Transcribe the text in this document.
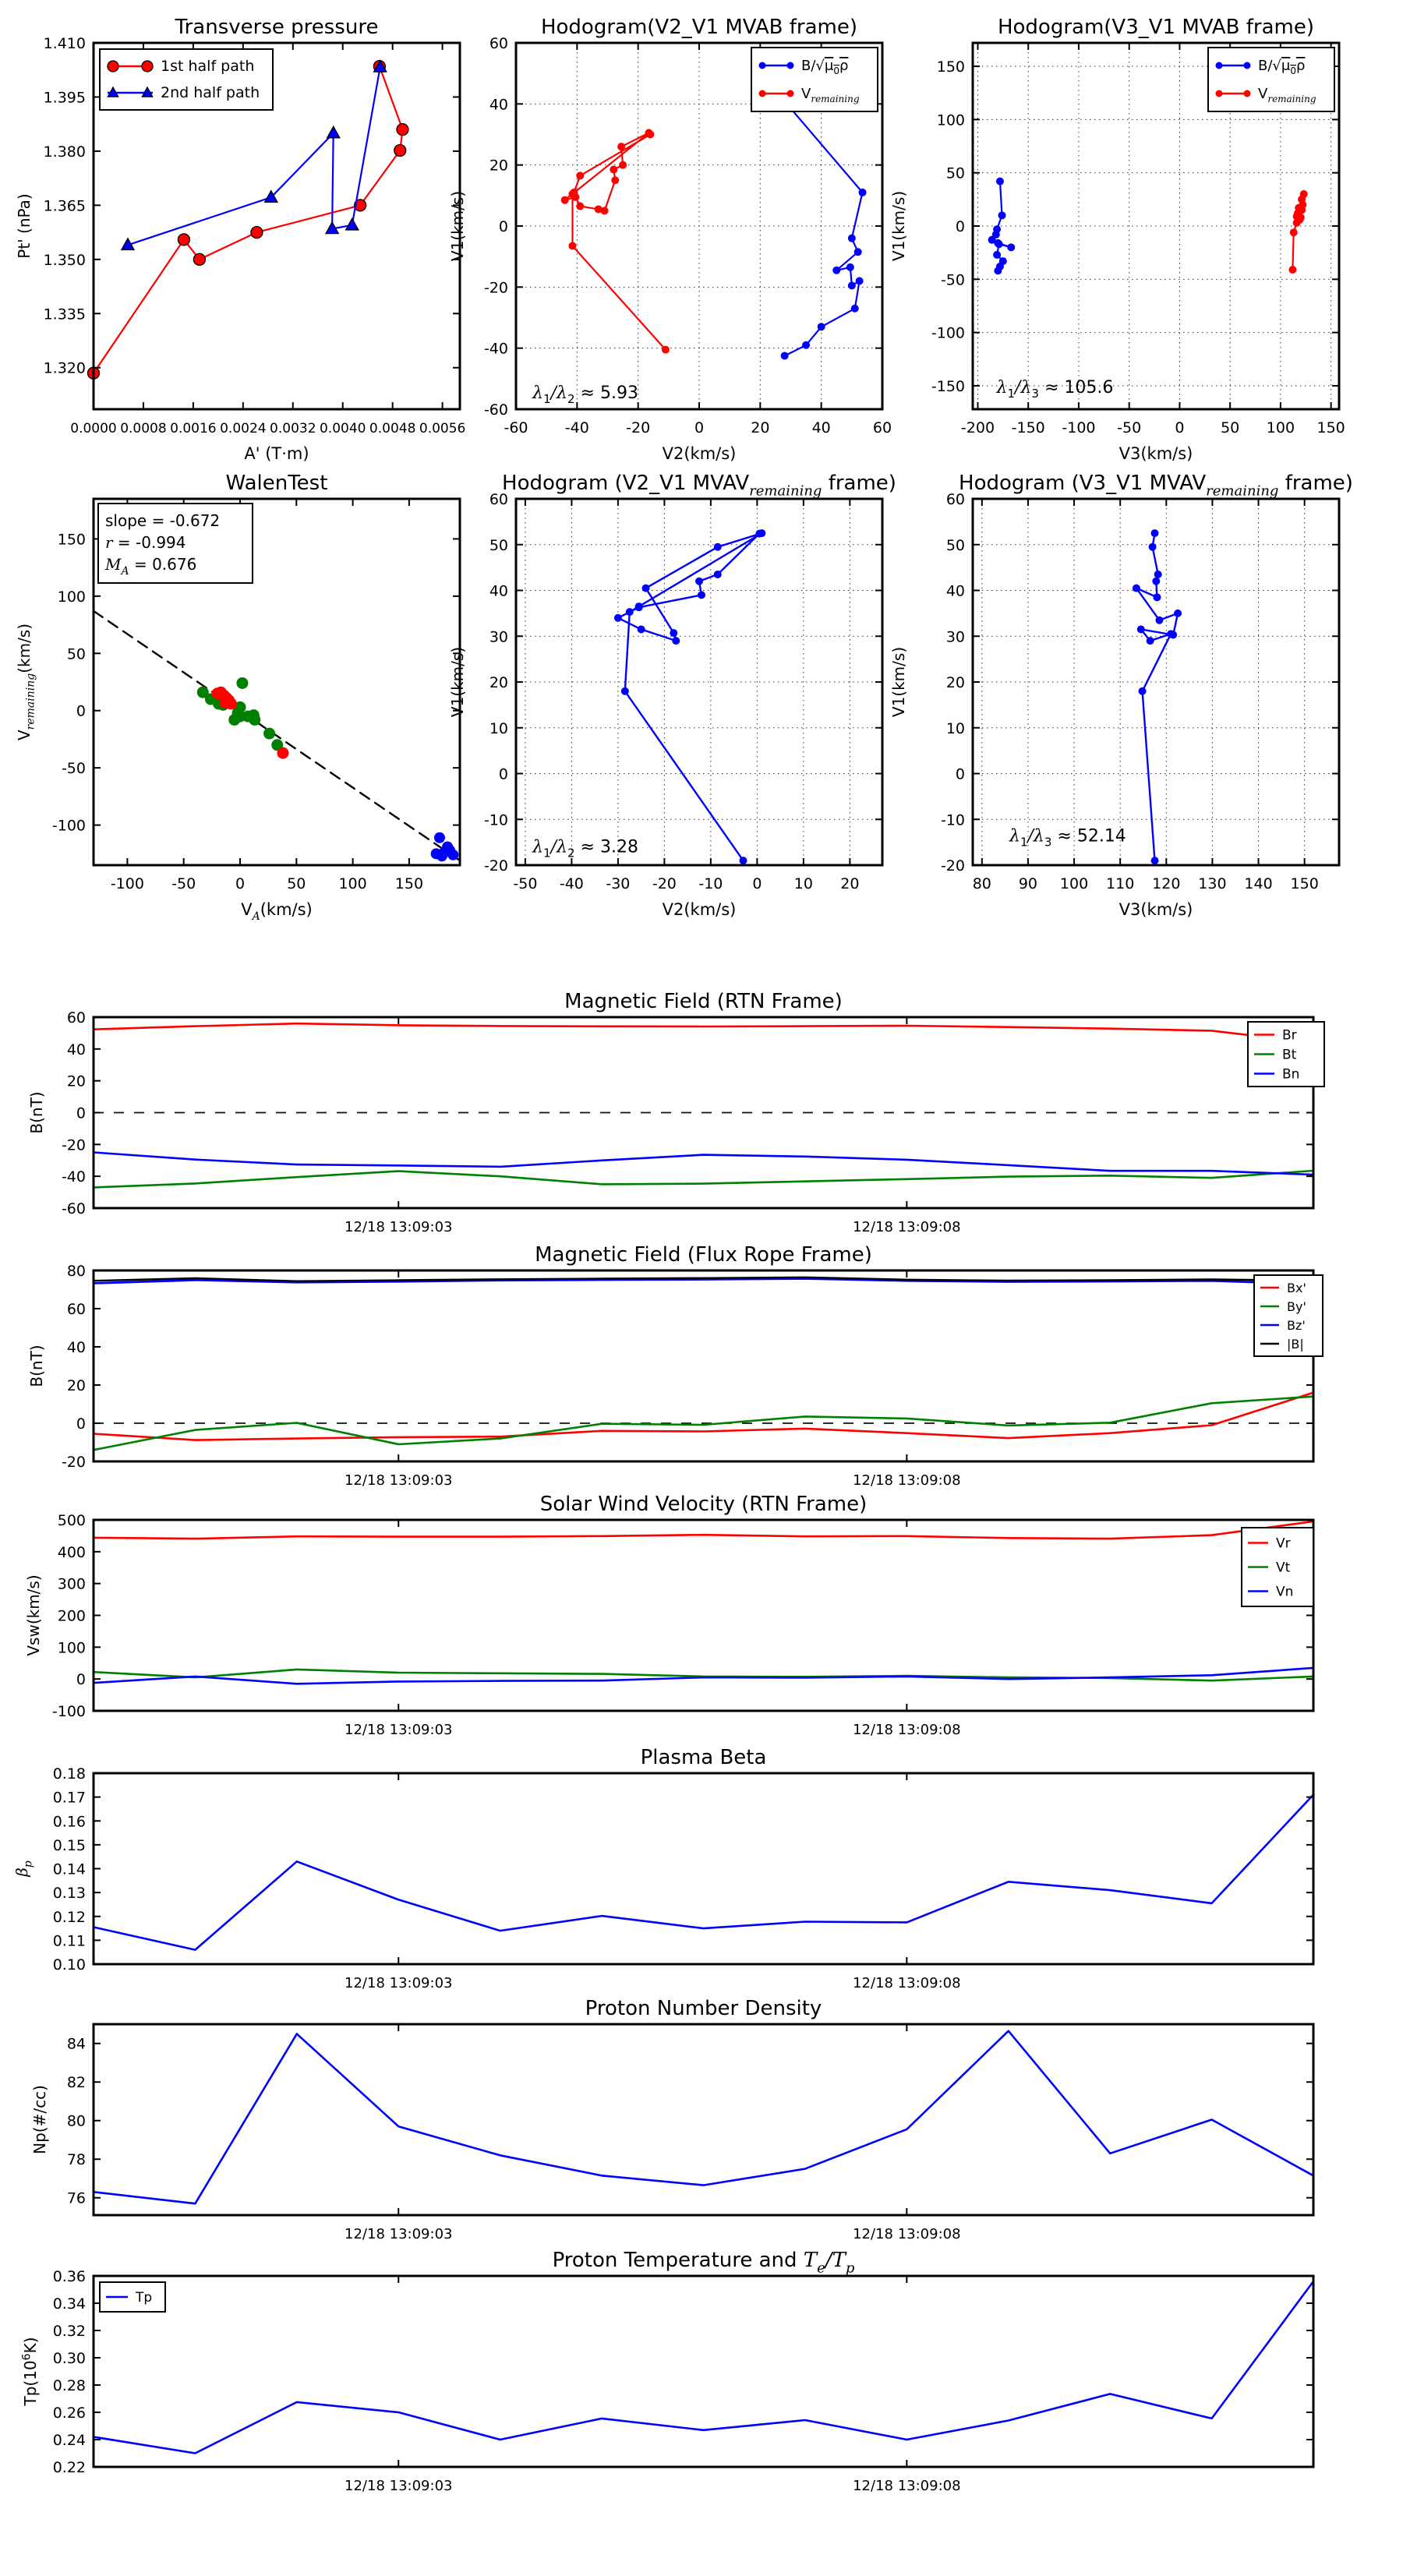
0.0000 0.0008 0.0016 0.0024 0.0032 0.0040 0.0048 0.0056
1.320
1.335
1.350
1.365
1.380
1.395
1.410
Transverse pressure
A' (T·m)
Pt' (nPa)
1st half path
2nd half path
-60 -40 -20	0	20	40	60
-60
-40
-20
0
20
40
60
Hodogram(V2_V1 MVAB frame)
V2(km/s)
V1(km/s)
$\lambda_1/\lambda_2 \approx 5.93$
$B/√\mu_0\rho$
$V_{remaining}$
-200 -150 -100 -50 0 50 100 150
-150
-100
-50
0
50
100
150
Hodogram(V3_V1 MVAB frame)
V3(km/s)
V1(km/s)
$\lambda_1/\lambda_3 \approx 105.6$
$B/√\mu_0\rho$
$V_{remaining}$
-100 -50	0	50 100 150
-100
-50
0
50
100
150
WalenTest
$V_A(km/s)$
$V_{remaining}(km/s)$
slope = -0.672
r = -0.994
$M_A = 0.676$
-50 -40 -30 -20 -10 0 10 20
-20
-10
0
10
20
30
40
50
60
Hodogram (V2_V1 $MVAV_{remaining}$ frame)
V2(km/s)
V1(km/s)
$\lambda_1/\lambda_2 \approx 3.28$
80 90 100 110 120 130 140 150
-20
-10
0
10
20
30
40
50
60
Hodogram (V3_V1 $MVAV_{remaining}$ frame)
V3(km/s)
V1(km/s)
$\lambda_1/\lambda_3 \approx 52.14$
12/18 13:09:03	12/18 13:09:08
-60
-40
-20
0
20
40
60
Magnetic Field (RTN Frame)
B(nT)
Br
Bt
Bn
12/18 13:09:03	12/18 13:09:08
-20
0
20
40
60
80
Magnetic Field (Flux Rope Frame)
B(nT)
Bx'
By'
Bz'
|B|
12/18 13:09:03	12/18 13:09:08
-100
0
100
200
300
400
500
Solar Wind Velocity (RTN Frame)
Vsw(km/s)
Vr
Vt
Vn
12/18 13:09:03	12/18 13:09:08
0.10
0.11
0.12
0.13
0.14
0.15
0.16
0.17
0.18
Plasma Beta
$\beta_p$
12/18 13:09:03	12/18 13:09:08
76
78
80
82
84
Proton Number Density
Np(#/cc)
12/18 13:09:03	12/18 13:09:08
0.22
0.24
0.26
0.28
0.30
0.32
0.34
0.36
Proton Temperature and $T_e/T_p$
$Tp(10^6K)$
Tp
